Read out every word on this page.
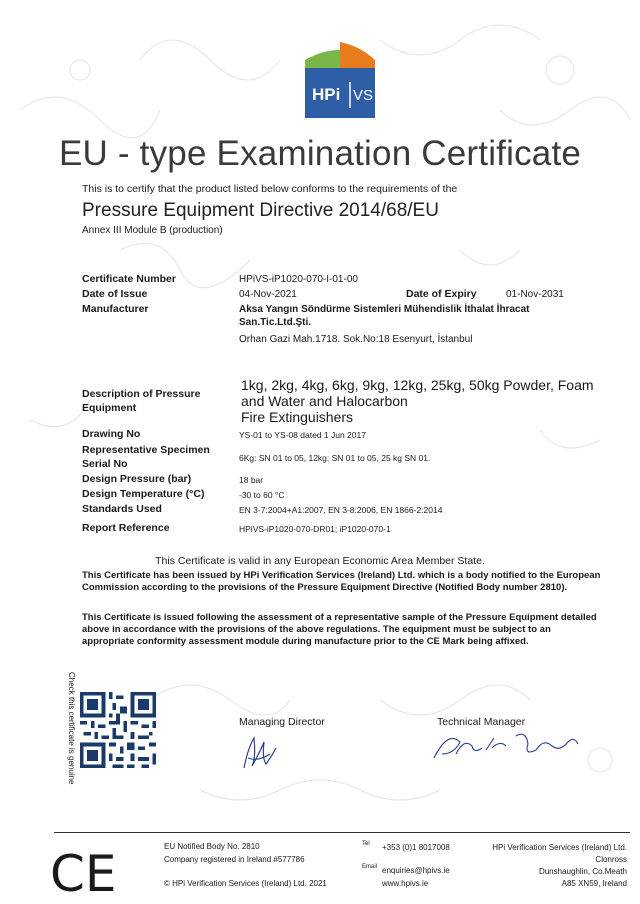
HPi VS
EU - type Examination Certificate
This is to certify that the product listed below conforms to the requirements of the
Pressure Equipment Directive 2014/68/EU
Annex III Module B (production)
Certificate Number	HPiVS-iP1020-070-I-01-00
Date of Issue	04-Nov-2021	Date of Expiry	01-Nov-2031
Manufacturer	Aksa Yangın Söndürme Sistemleri Mühendislik İthalat İhracat
San.Tic.Ltd.Şti.
Orhan Gazi Mah.1718. Sok.No:18 Esenyurt, İstanbul
Description of Pressure
Equipment
1kg, 2kg, 4kg, 6kg, 9kg, 12kg, 25kg, 50kg Powder, Foam
and Water and Halocarbon
Fire Extinguishers
Drawing No	YS-01 to YS-08 dated 1 Jun 2017
Representative Specimen
Serial No	6Kg: SN 01 to 05, 12kg: SN 01 to 05, 25 kg SN 01.
Design Pressure (bar)	18 bar
Design Temperature (°C)	-30 to 60 °C
Standards Used	EN 3-7:2004+A1:2007, EN 3-8:2006, EN 1866-2:2014
Report Reference	HPiVS-iP1020-070-DR01; iP1020-070-1
This Certificate is valid in any European Economic Area Member State.
This Certificate has been issued by HPi Verification Services (Ireland) Ltd. which is a body notified to the European Commission according to the provisions of the Pressure Equipment Directive (Notified Body number 2810).
This Certificate is issued following the assessment of a representative sample of the Pressure Equipment detailed above in accordance with the provisions of the above regulations. The equipment must be subject to an appropriate conformity assessment module during manufacture prior to the CE Mark being affixed.
Check this certificate is genuine	Managing Director	Technical Manager
CE	EU Notified Body No. 2810
Company registered in Ireland #577786
© HPi Verification Services (Ireland) Ltd. 2021
Tel +353 (0)1 8017008
Email enquiries@hpivs.ie
www.hpivs.ie
HPi Verification Services (Ireland) Ltd.
Clonross
Dunshaughlin, Co.Meath
A85 XN59, Ireland
